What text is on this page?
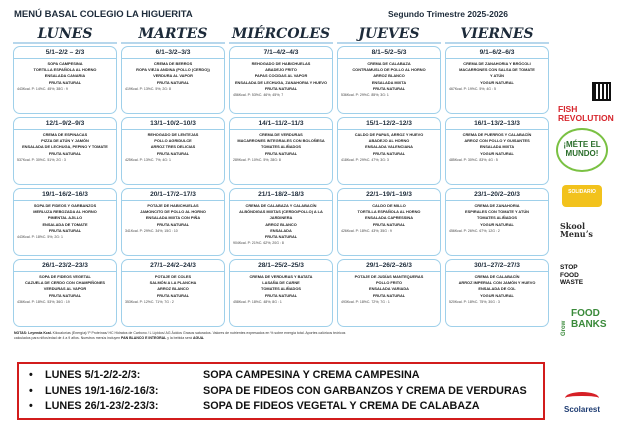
MENÚ BASAL COLEGIO LA HIGUERITA	Segundo Trimestre 2025-2026
LUNES	MARTES	MIÉRCOLES	JUEVES	VIERNES
5/1–2/2 – 2/3
SOPA CAMPESINA
TORTILLA ESPAÑOLA AL HORNO
ENSALADA CANARIA
FRUTA NATURAL
443Kcal. P: 14%C. 45%; 38G : 9
6/1–3/2–3/3
CREMA DE BERROS
ROPA VIEJA ANDINA (POLLO (CERDO))
VERDURA AL VAPOR
FRUTA NATURAL
419Kcal. P: 13%C. 5%; 2G: 8
7/1–4/2–4/3
REHOGADO DE HABICHUELAS
ABADEJO FRITO
PAPAS COCIDAS AL VAPOR
ENSALADA DE LECHUGA, ZANAHORIA Y HUEVO
FRUTA NATURAL
456Kcal. P: 53%C. 46%; 45%; 7
8/1–5/2–5/3
CREMA DE CALABAZA
CONTRAMUSLO DE POLLO AL HORNO
ARROZ BLANCO
ENSALADA MIXTA
FRUTA NATURAL
536Kcal. P: 29%C. 85%; 3G: 1
9/1–6/2–6/3
CREMA DE ZANAHORIA Y BRÓCOLI
MACARRONES CON SALSA DE TOMATE
Y ATÚN
YOGUR NATURAL
467Kcal. P: 19%C. 5%; 4G : 5
12/1–9/2–9/3
CREMA DE ESPINACAS
PIZZA DE ATÚN Y JAMÓN
ENSALADA DE LECHUGA, PEPINO Y TOMATE
FRUTA NATURAL
537Kcal. P: 30%C. 51%; 2G : 3
13/1–10/2–10/3
REHOGADO DE LENTEJAS
POLLO AGRIDULCE
ARROZ TRES DELICIAS
FRUTA NATURAL
425Kcal. P: 13%C. 7%; 4G: 1
14/1–11/2–11/3
CREMA DE VERDURAS
MACARRONES INTEGRALES CON BOLOÑESA
TOMATES ALIÑADOS
FRUTA NATURAL
289Kcal. P: 10%C. 5%; 28G: 8
15/1–12/2–12/3
CALDO DE PAPAS, ARROZ Y HUEVO
ABADEJO AL HORNO
ENSALADA VALENCIANA
FRUTA NATURAL
418Kcal. P: 29%C. 47%; 3G: 3
16/1–13/2–13/3
CREMA DE PUERROS Y CALABACÍN
ARROZ CON POLLO Y GUISANTES
ENSALADA MIXTA
YOGUR NATURAL
485Kcal. P: 30%C. 83%; 4G : 5
19/1–16/2–16/3
SOPA DE FIDEOS Y GARBANZOS
MERLUZA REBOZADA AL HORNO
PIMENTAL AJILLO
ENSALADA DE TOMATE
FRUTA NATURAL
443Kcal. P: 18%C. 5%; 2G: 1
20/1–17/2–17/3
POTAJE DE HABICHUELAS
JAMONCITO DE POLLO AL HORNO
ENSALADA MIXTA CON PIÑA
FRUTA NATURAL
341Kcal. P: 29%C. 34%; 15G : 10
21/1–18/2–18/3
CREMA DE CALABAZA Y CALABACÍN
ALBÓNDIGAS MIXTAS (CERDO/POLLO) A LA JARDINERA
ARROZ BLANCO
ENSALADA
FRUTA NATURAL
904Kcal. P: 21%C. 62%; 20G : 8
22/1–19/1–19/3
CALDO DE MILLO
TORTILLA ESPAÑOLA AL HORNO
ENSALADA CAPRESSINA
FRUTA NATURAL
426Kcal. P: 18%C. 43%; 35G : 9
23/1–20/2–20/3
CREMA DE ZANAHORIA
ESPIRALES CON TOMATE Y ATÚN
TOMATES ALIÑADOS
YOGUR NATURAL
456Kcal. P: 26%C. 67%; 12G : 2
26/1–23/2–23/3
SOPA DE FIDEOS VEGETAL
CAZUELA DE CERDO CON CHAMPIÑONES
VERDURAS AL VAPOR
FRUTA NATURAL
436Kcal. P: 18%C. 53%; 36G : 19
27/1–24/2–24/3
POTAJE DE COLES
SALMÓN A LA PLANCHA
ARROZ BLANCO
FRUTA NATURAL
353Kcal. P: 12%C. 71%; 7G : 2
28/1–25/2–25/3
CREMA DE VERDURAS Y BATATA
LASAÑA DE CARNE
TOMATES ALIÑADOS
FRUTA NATURAL
458Kcal. P: 18%C. 48%; 8G : 1
29/1–26/2–26/3
POTAJE DE JUDÍAS MANTEQUERAS
POLLO FRITO
ENSALADA VARIADA
FRUTA NATURAL
493Kcal. P: 18%C. 72%; 7G : 1
30/1–27/2–27/3
CREMA DE CALABACÍN
ARROZ IMPERIAL CON JAMÓN Y HUEVO
ENSALADA DE COL
YOGUR NATURAL
520Kcal. P: 18%C. 75%; 30G : 3
NOTAS: Leyenda Kcal. Kilocalorías (Energía)/ P Proteínas/ HC Hidratos de Carbono / L Lípidos/ AG Ácidos Grasos saturados. Valores de nutrientes expresados en % sobre energía total. Aportes calóricos teóricos
calculados para niños/edad de 4 a 9 años. Nuestros menús incluyen PAN BLANCO E INTEGRAL y la bebida será AGUA.
•	LUNES 5/1-2/2-2/3:	SOPA CAMPESINA Y CREMA CAMPESINA
•	LUNES 19/1-16/2-16/3:	SOPA DE FIDEOS CON GARBANZOS Y CREMA DE VERDURAS
•	LUNES 26/1-23/2-23/3:	SOPA DE FIDEOS VEGETAL Y CREMA DE CALABAZA
FISH
REVOLUTION
¡MÉTE EL MUNDO!
SOLIDARIO
Skool
Menuʼs
STOP
FOOD
WASTE
Grow
FOOD
BANKS
Scolarest
